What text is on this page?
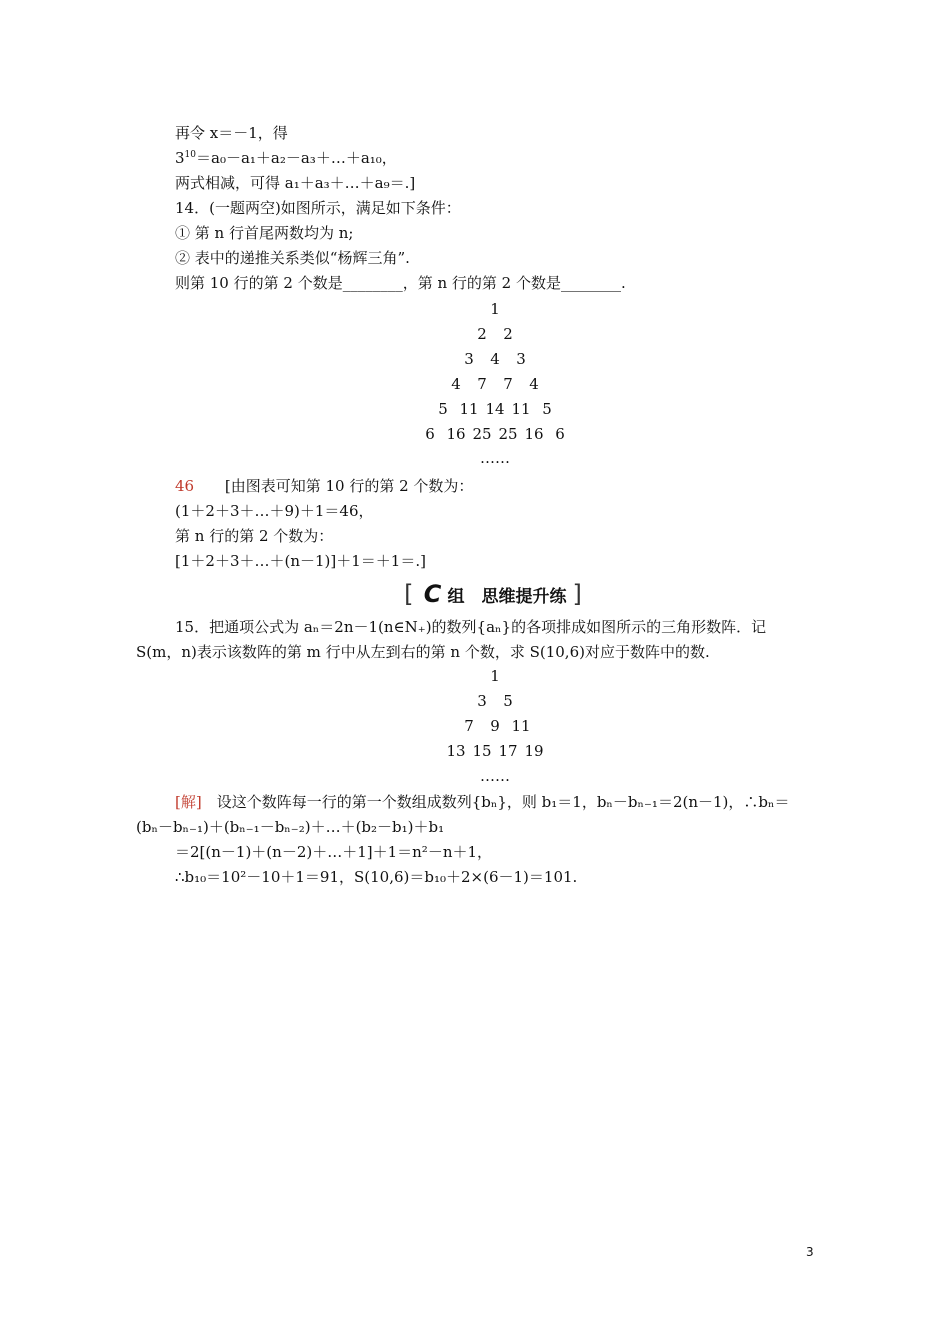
再令 x＝－1，得
$3^{10}=a_0-a_1+a_2-a_3+\dots+a_{10}$，
两式相减，可得 a₁＋a₃＋…＋a₉＝.]
14．(一题两空)如图所示，满足如下条件：
① 第 n 行首尾两数均为 n;
② 表中的递推关系类似“杨辉三角”.
则第 10 行的第 2 个数是________，第 n 行的第 2 个数是________.
1
2 2
3 4 3
4 7 7 4
5 11 14 11 5
6 16 25 25 16 6
……
46 [由图表可知第 10 行的第 2 个数为：
(1＋2＋3＋…＋9)＋1＝46，
第 n 行的第 2 个数为：
[1＋2＋3＋…＋(n－1)]＋1＝＋1＝.]
[ C 组　思维提升练 ]
15．把通项公式为 aₙ＝2n－1(n∈N₊)的数列{aₙ}的各项排成如图所示的三角形数阵．记
S(m，n)表示该数阵的第 m 行中从左到右的第 n 个数，求 S(10,6)对应于数阵中的数.
1
3 5
7 9 11
13 15 17 19
……
[解]　设这个数阵每一行的第一个数组成数列{bₙ}，则 b₁＝1，bₙ－bₙ₋₁＝2(n－1)，∴bₙ＝
(bₙ－bₙ₋₁)＋(bₙ₋₁－bₙ₋₂)＋…＋(b₂－b₁)＋b₁
＝2[(n－1)＋(n－2)＋…＋1]＋1＝n²－n＋1，
∴b₁₀＝10²－10＋1＝91，S(10,6)＝b₁₀＋2×(6－1)＝101.
3
